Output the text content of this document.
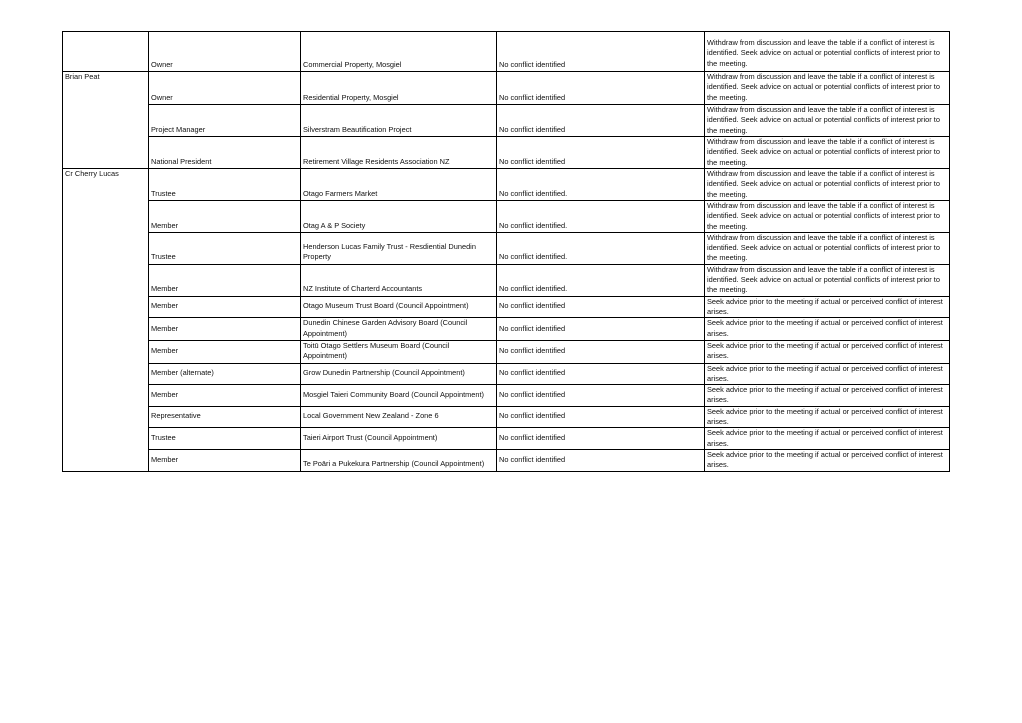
	Owner	Commercial Property, Mosgiel	No conflict identified	Withdraw from discussion and leave the table if a conflict of interest is identified. Seek advice on actual or potential conflicts of interest prior to the meeting.
Brian Peat	Owner	Residential Property, Mosgiel	No conflict identified	Withdraw from discussion and leave the table if a conflict of interest is identified. Seek advice on actual or potential conflicts of interest prior to the meeting.
	Project Manager	Silverstram Beautification Project	No conflict identified	Withdraw from discussion and leave the table if a conflict of interest is identified. Seek advice on actual or potential conflicts of interest prior to the meeting.
	National President	Retirement Village Residents Association NZ	No conflict identified	Withdraw from discussion and leave the table if a conflict of interest is identified. Seek advice on actual or potential conflicts of interest prior to the meeting.
Cr Cherry Lucas	Trustee	Otago Farmers Market	No conflict identified.	Withdraw from discussion and leave the table if a conflict of interest is identified. Seek advice on actual or potential conflicts of interest prior to the meeting.
	Member	Otag A & P Society	No conflict identified.	Withdraw from discussion and leave the table if a conflict of interest is identified. Seek advice on actual or potential conflicts of interest prior to the meeting.
	Trustee	Henderson Lucas Family Trust - Resdiential Dunedin Property	No conflict identified.	Withdraw from discussion and leave the table if a conflict of interest is identified. Seek advice on actual or potential conflicts of interest prior to the meeting.
	Member	NZ Institute of Charterd Accountants	No conflict identified.	Withdraw from discussion and leave the table if a conflict of interest is identified. Seek advice on actual or potential conflicts of interest prior to the meeting.
	Member	Otago Museum Trust Board (Council Appointment)	No conflict identified	Seek advice prior to the meeting if actual or perceived conflict of interest arises.
	Member	Dunedin Chinese Garden Advisory Board (Council Appointment)	No conflict identified	Seek advice prior to the meeting if actual or perceived conflict of interest arises.
	Member	Toitū Otago Settlers Museum Board (Council Appointment)	No conflict identified	Seek advice prior to the meeting if actual or perceived conflict of interest arises.
	Member (alternate)	Grow Dunedin Partnership (Council Appointment)	No conflict identified	Seek advice prior to the meeting if actual or perceived conflict of interest arises.
	Member	Mosgiel Taieri Community Board (Council Appointment)	No conflict identified	Seek advice prior to the meeting if actual or perceived conflict of interest arises.
	Representative	Local Government New Zealand - Zone 6	No conflict identified	Seek advice prior to the meeting if actual or perceived conflict of interest arises.
	Trustee	Taieri Airport Trust (Council Appointment)	No conflict identified	Seek advice prior to the meeting if actual or perceived conflict of interest arises.
	Member	Te Poāri a Pukekura Partnership (Council Appointment)	No conflict identified	Seek advice prior to the meeting if actual or perceived conflict of interest arises.
